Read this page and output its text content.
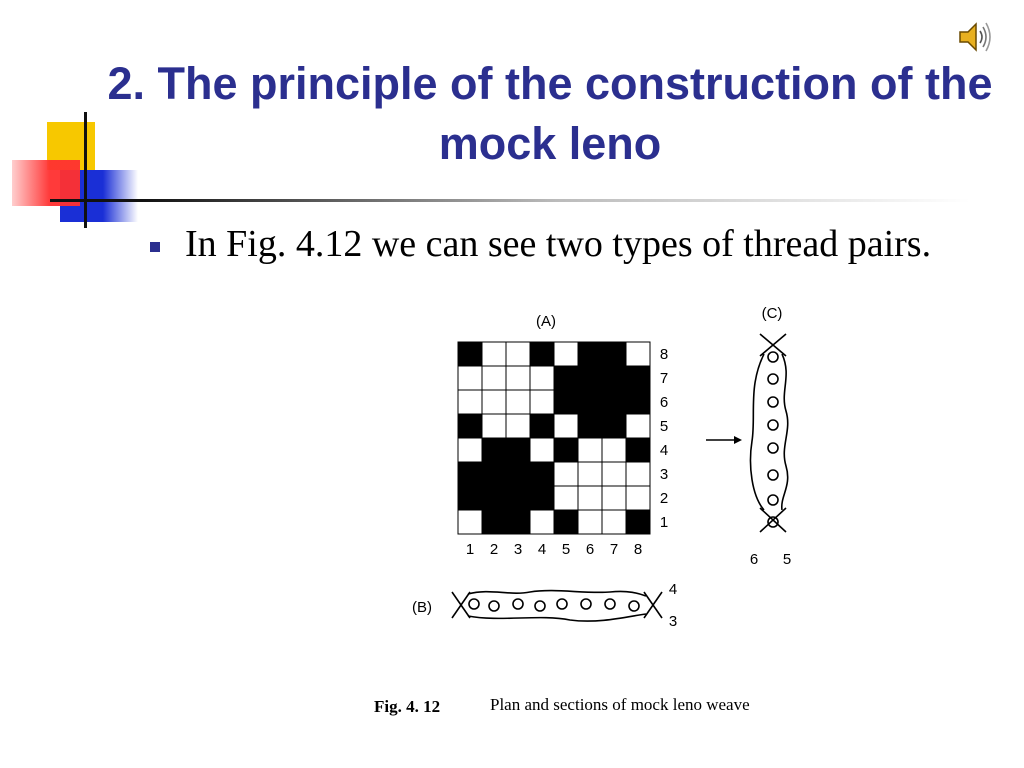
2. The principle of the construction of the mock leno
In Fig. 4.12 we can see two types of thread pairs.
(A)
8
7
6
5
4
3
2
1
1 2 3 4 5 6 7 8
(C)
6 5
(B)
4
3
Fig. 4. 12	Plan and sections of mock leno weave
